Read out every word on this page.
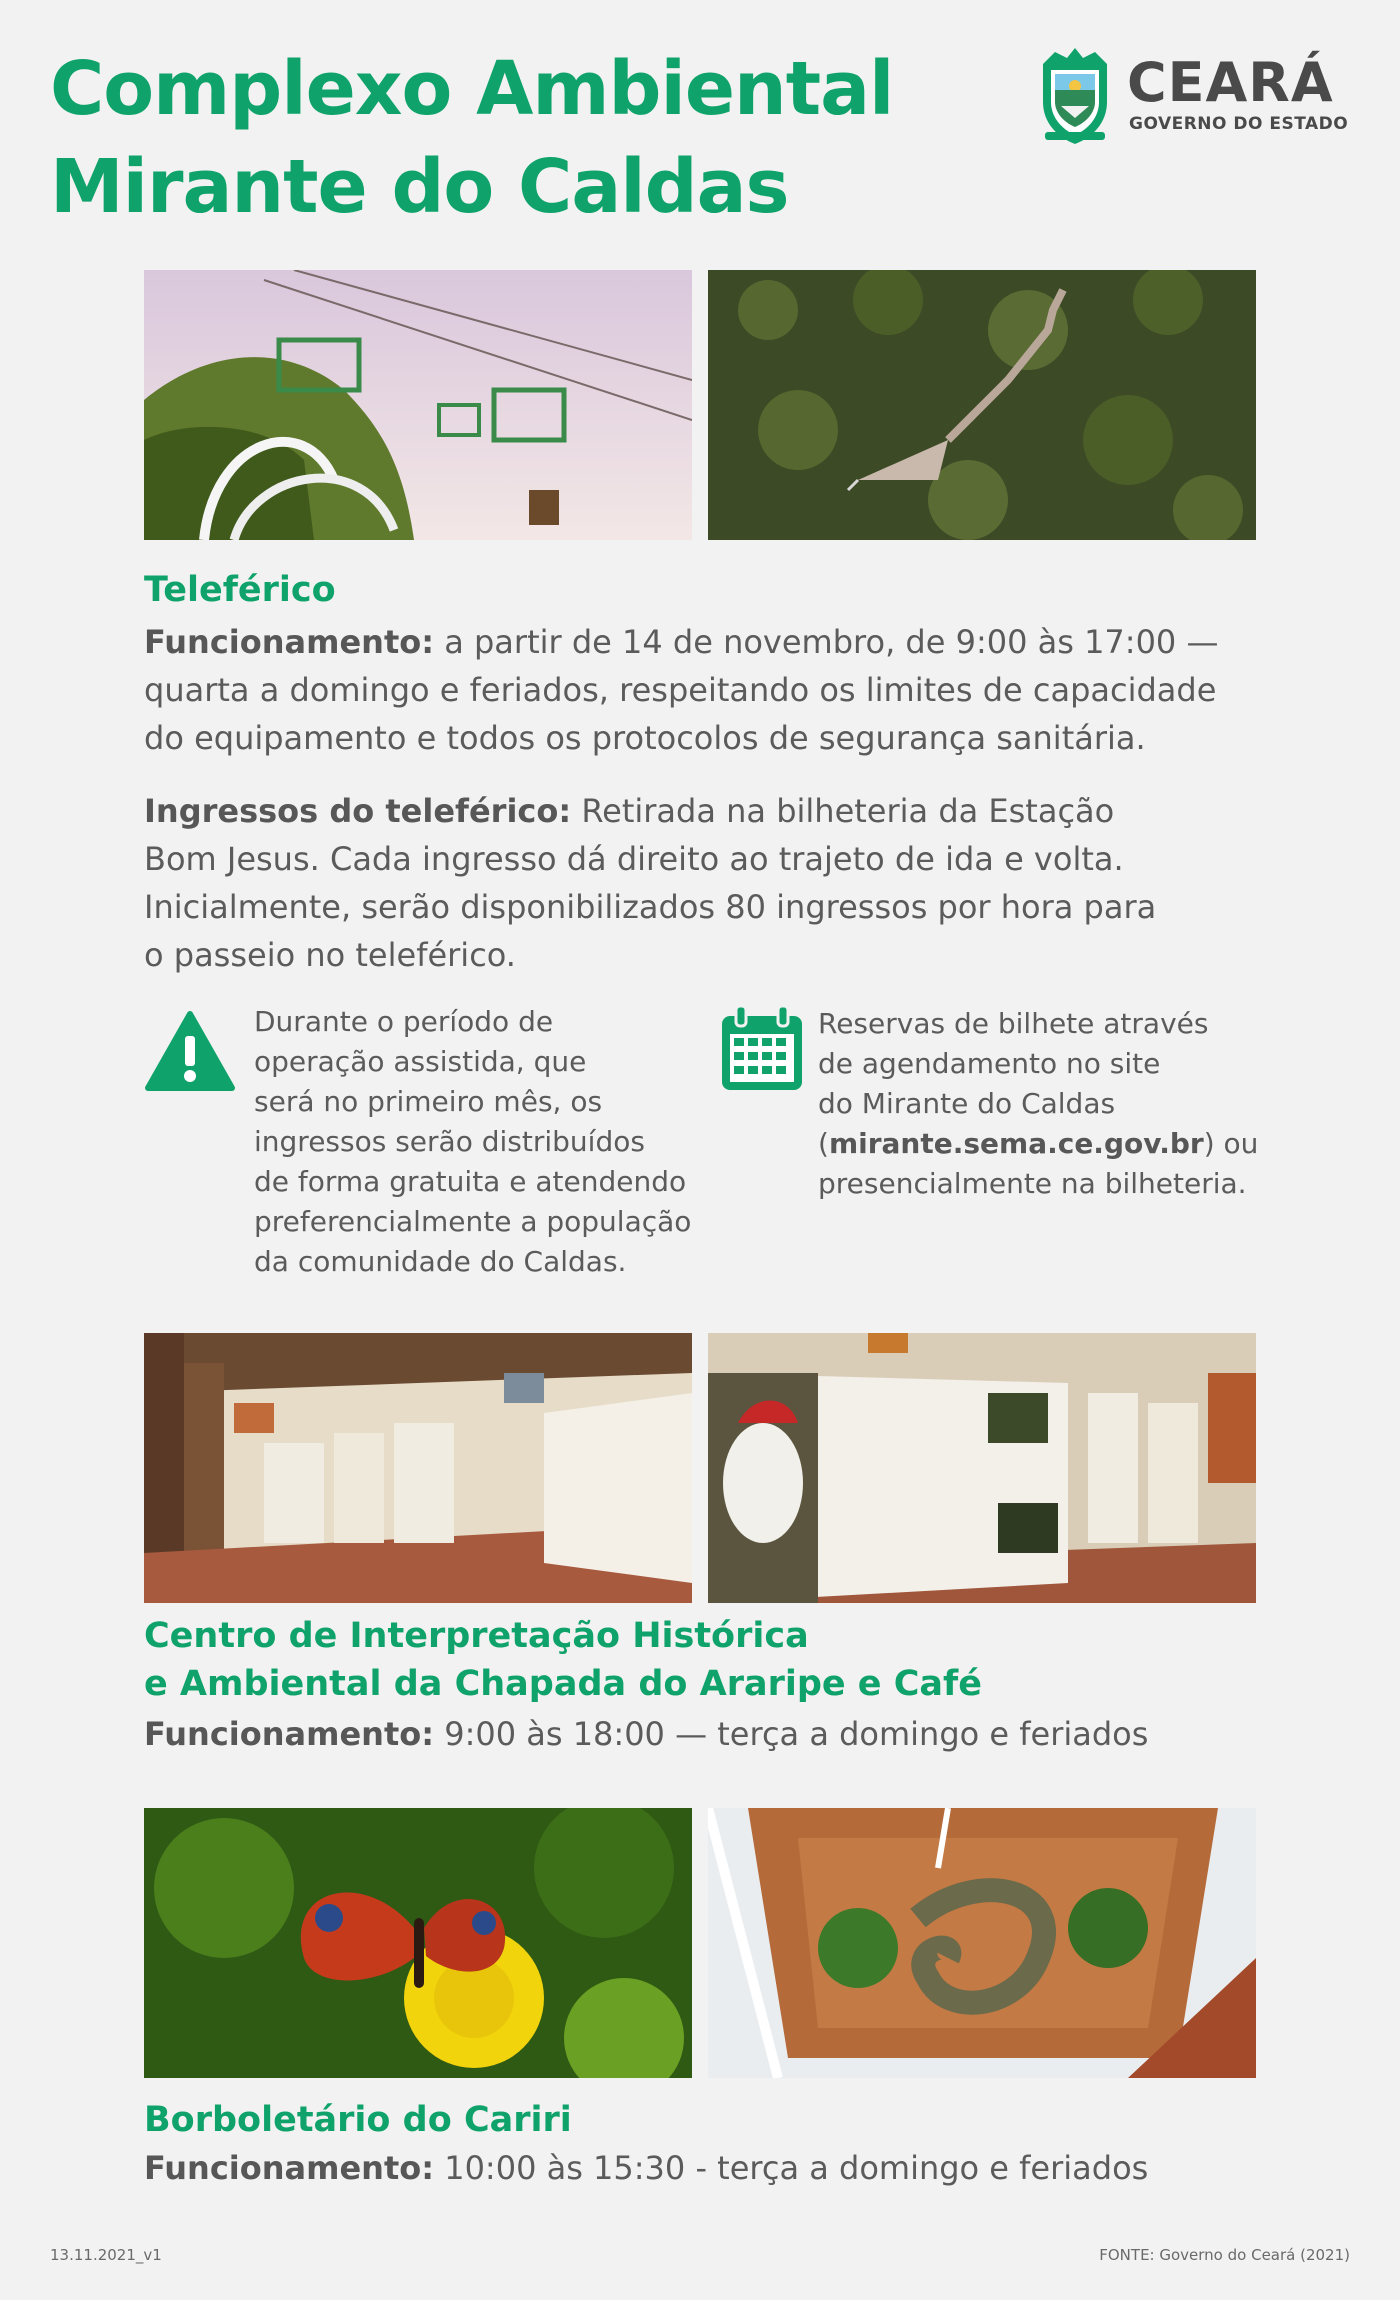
Complexo Ambiental
Mirante do Caldas
CEARÁ
GOVERNO DO ESTADO
Teleférico

Funcionamento: a partir de 14 de novembro, de 9:00 às 17:00 —
quarta a domingo e feriados, respeitando os limites de capacidade
do equipamento e todos os protocolos de segurança sanitária.

Ingressos do teleférico: Retirada na bilheteria da Estação
Bom Jesus. Cada ingresso dá direito ao trajeto de ida e volta.
Inicialmente, serão disponibilizados 80 ingressos por hora para
o passeio no teleférico.

Durante o período de
operação assistida, que
será no primeiro mês, os
ingressos serão distribuídos
de forma gratuita e atendendo
preferencialmente a população
da comunidade do Caldas.
Reservas de bilhete através
de agendamento no site
do Mirante do Caldas
(mirante.sema.ce.gov.br) ou
presencialmente na bilheteria.
Centro de Interpretação Histórica
e Ambiental da Chapada do Araripe e Café

Funcionamento: 9:00 às 18:00 — terça a domingo e feriados

Borboletário do Cariri

Funcionamento: 10:00 às 15:30 - terça a domingo e feriados

13.11.2021_v1	FONTE: Governo do Ceará (2021)
